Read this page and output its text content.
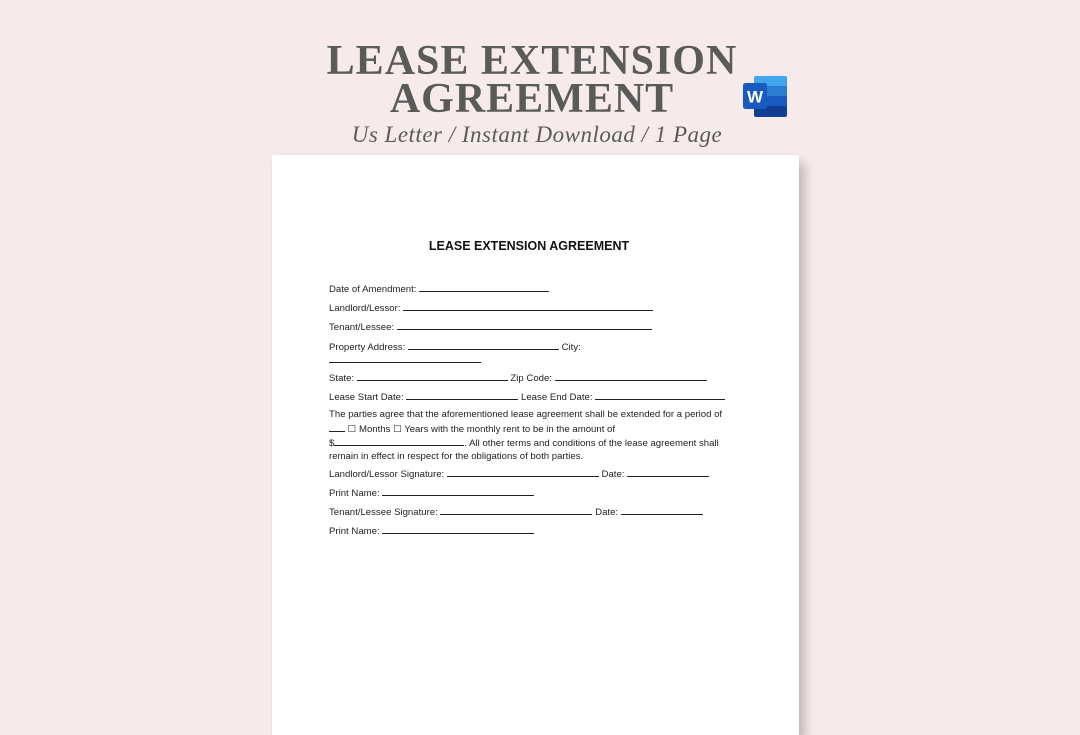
LEASE EXTENSION
AGREEMENT	W
Us Letter / Instant Download / 1 Page
LEASE EXTENSION AGREEMENT
Date of Amendment:
Landlord/Lessor:
Tenant/Lessee:
Property Address:	City:
State:	Zip Code:
Lease Start Date:	Lease End Date:
The parties agree that the aforementioned lease agreement shall be extended for a period of  ☐ Months ☐ Years with the monthly rent to be in the amount of
$	. All other terms and conditions of the lease agreement shall remain in effect in respect for the obligations of both parties.
Landlord/Lessor Signature:	Date:
Print Name:
Tenant/Lessee Signature:	Date:
Print Name:
